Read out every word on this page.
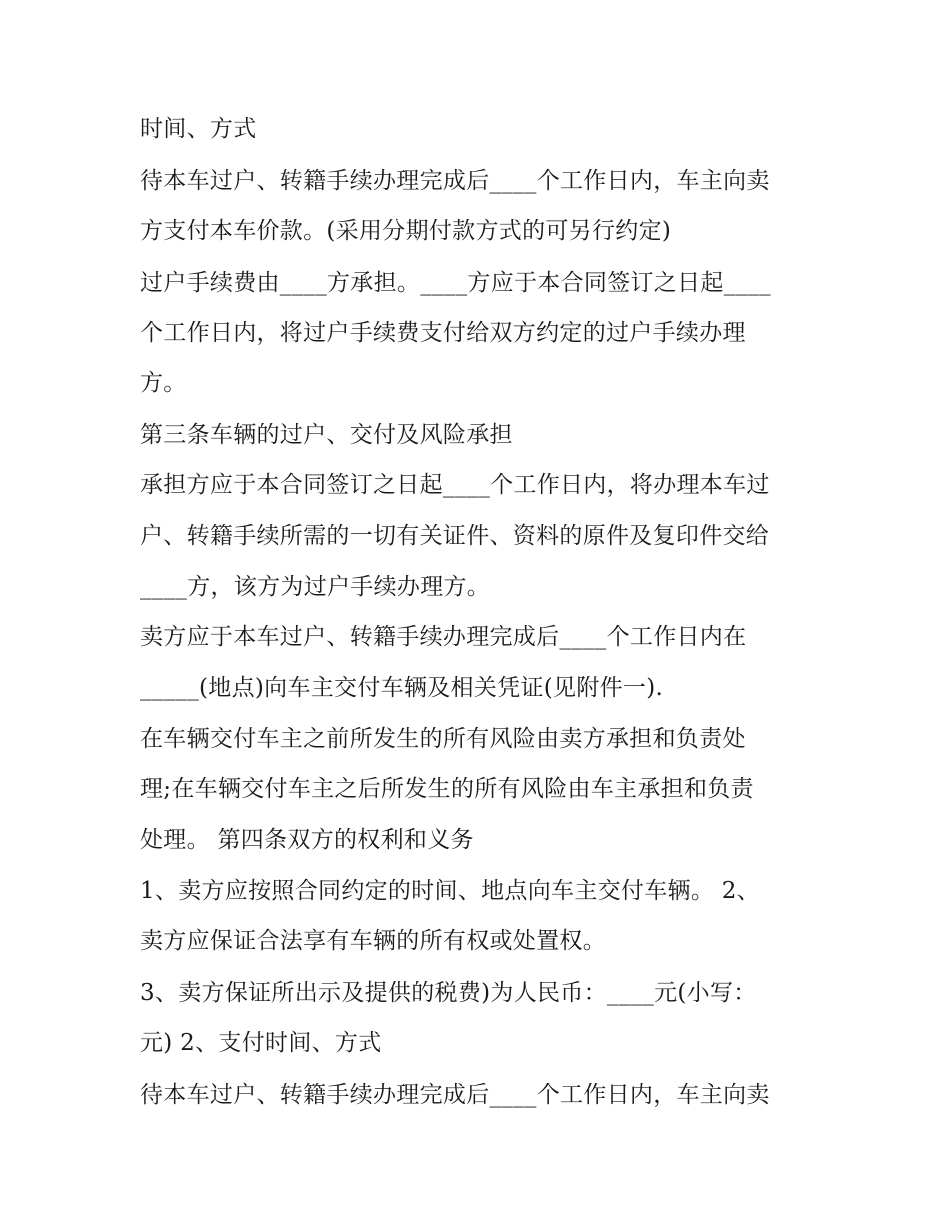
时间、方式
待本车过户、转籍手续办理完成后____个工作日内，车主向卖
方支付本车价款。(采用分期付款方式的可另行约定)
过户手续费由____方承担。____方应于本合同签订之日起____
个工作日内，将过户手续费支付给双方约定的过户手续办理
方。
第三条车辆的过户、交付及风险承担
承担方应于本合同签订之日起____个工作日内，将办理本车过
户、转籍手续所需的一切有关证件、资料的原件及复印件交给
____方，该方为过户手续办理方。
卖方应于本车过户、转籍手续办理完成后____个工作日内在
_____(地点)向车主交付车辆及相关凭证(见附件一).
在车辆交付车主之前所发生的所有风险由卖方承担和负责处
理;在车辆交付车主之后所发生的所有风险由车主承担和负责
处理。 第四条双方的权利和义务
1、卖方应按照合同约定的时间、地点向车主交付车辆。 2、
卖方应保证合法享有车辆的所有权或处置权。
3、卖方保证所出示及提供的税费)为人民币：____元(小写：
元) 2、支付时间、方式
待本车过户、转籍手续办理完成后____个工作日内，车主向卖
